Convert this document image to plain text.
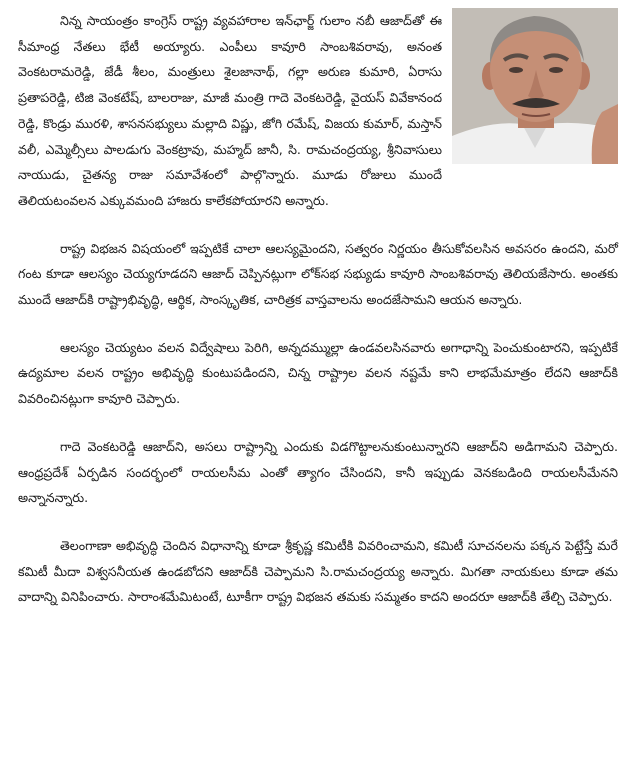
నిన్న సాయంత్రం కాంగ్రెస్ రాష్ట్ర వ్యవహారాల ఇన్‌ఛార్జ్ గులాం నబీ ఆజాద్‌తో ఈ సీమాంధ్ర నేతలు భేటీ అయ్యారు. ఎంపీలు కావూరి సాంబశివరావు, అనంత వెంకటరామరెడ్డి, జేడీ శీలం, మంత్రులు శైలజానాథ్, గల్లా అరుణ కుమారి, ఏరాసు ప్రతాపరెడ్డి, టిజి వెంకటేష్, బాలరాజు, మాజీ మంత్రి గాదె వెంకటరెడ్డి, వైయస్ వివేకానంద రెడ్డి, కొండ్రు మురళి, శాసనసభ్యులు మల్లాది విష్ణు, జోగి రమేష్, విజయ కుమార్, మస్తాన్ వలీ, ఎమ్మెల్సీలు పాలడుగు వెంకట్రావు, మహ్మద్ జానీ, సి. రామచంద్రయ్య, శ్రీనివాసులు నాయుడు, చైతన్య రాజు సమావేశంలో పాల్గొన్నారు. మూడు రోజులు ముందే తెలియటంవలన ఎక్కువమంది హాజరు కాలేకపోయారని అన్నారు.

రాష్ట్ర విభజన విషయంలో ఇప్పటికే చాలా ఆలస్యమైందని, సత్వరం నిర్ణయం తీసుకోవలసిన అవసరం ఉందని, మరో గంట కూడా ఆలస్యం చెయ్యగూడదని ఆజాద్ చెప్పినట్లుగా లోక్‌సభ సభ్యుడు కావూరి సాంబశివరావు తెలియజేసారు. అంతకు ముందే ఆజాద్‌కి రాష్ట్రాభివృద్ధి, ఆర్థిక, సాంస్కృతిక, చారిత్రక వాస్తవాలను అందజేసామని ఆయన అన్నారు.

ఆలస్యం చెయ్యటం వలన విద్వేషాలు పెరిగి, అన్నదమ్ముల్లా ఉండవలసినవారు అగాధాన్ని పెంచుకుంటారని, ఇప్పటికే ఉద్యమాల వలన రాష్ట్రం అభివృద్ధి కుంటుపడిందని, చిన్న రాష్ట్రాల వలన నష్టమే కాని లాభమేమాత్రం లేదని ఆజాద్‌కి వివరించినట్లుగా కావూరి చెప్పారు.

గాదె వెంకటరెడ్డి ఆజాద్‌ని, అసలు రాష్ట్రాన్ని ఎందుకు విడగొట్టాలనుకుంటున్నారని ఆజాద్‌ని అడిగామని చెప్పారు. ఆంధ్రప్రదేశ్ ఏర్పడిన సందర్భంలో రాయలసీమ ఎంతో త్యాగం చేసిందని, కానీ ఇప్పుడు వెనకబడింది రాయలసీమేనని అన్నానన్నారు.

తెలంగాణా అభివృద్ధి చెందిన విధానాన్ని కూడా శ్రీకృష్ణ కమిటీకి వివరించామని, కమిటీ సూచనలను పక్కన పెట్టేస్తే మరే కమిటీ మీదా విశ్వసనీయత ఉండబోదని ఆజాద్‌కి చెప్పామని సి.రామచంద్రయ్య అన్నారు. మిగతా నాయకులు కూడా తమ వాదాన్ని వినిపించారు. సారాంశమేమిటంటే, టూకీగా రాష్ట్ర విభజన తమకు సమ్మతం కాదని అందరూ ఆజాద్‌కి తేల్చి చెప్పారు.
